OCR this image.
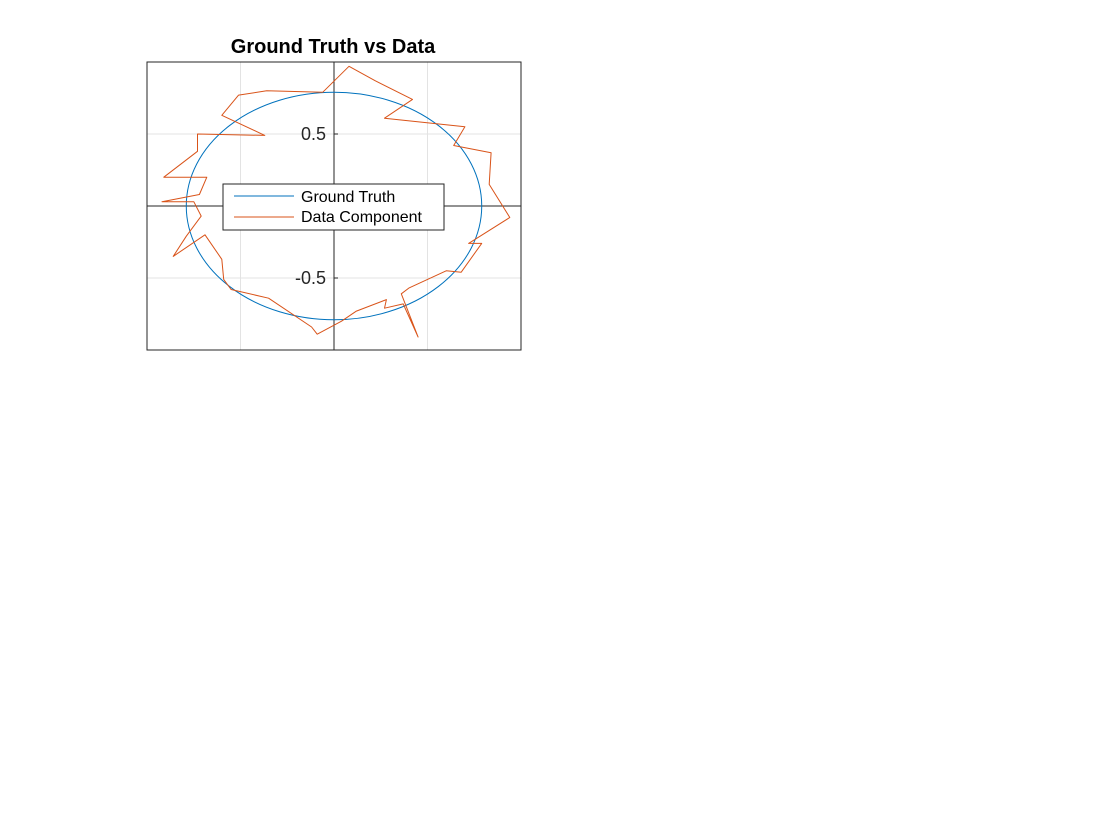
0.5
-0.5
Ground Truth vs Data
Ground Truth
Data Component
